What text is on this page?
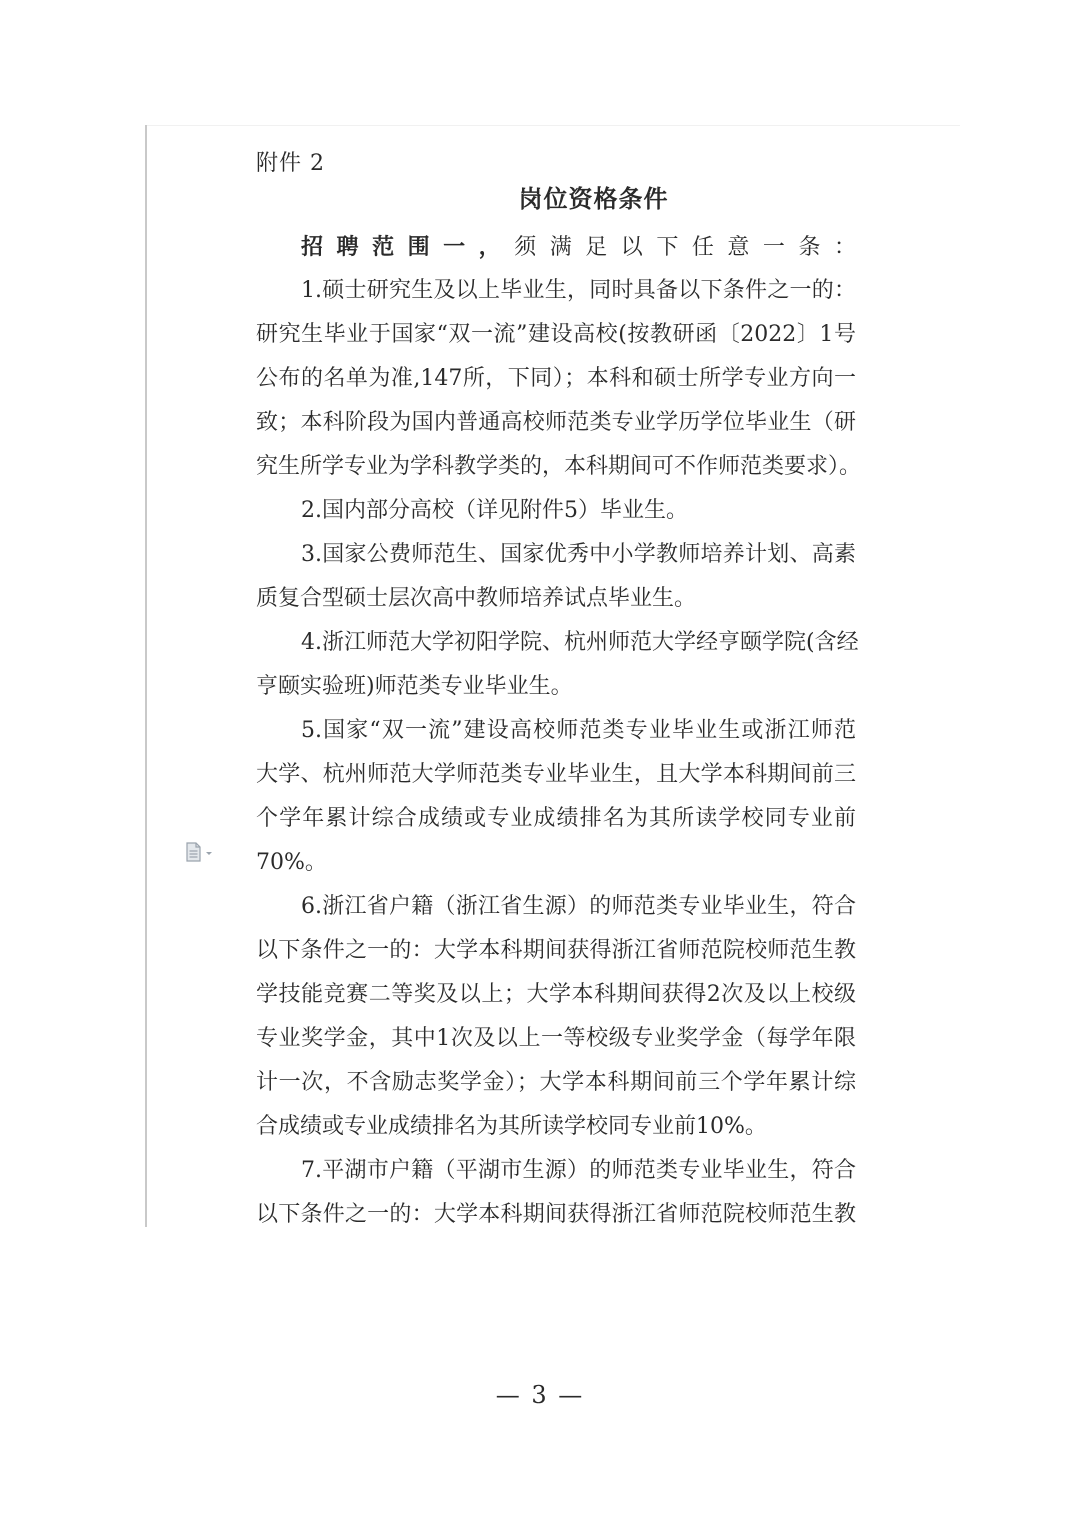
附件 2
岗位资格条件
招聘范围一，须满足以下任意一条：
1.硕士研究生及以上毕业生，同时具备以下条件之一的：
研究生毕业于国家“双一流”建设高校(按教研函〔2022〕1号
公布的名单为准,147所，下同）；本科和硕士所学专业方向一
致；本科阶段为国内普通高校师范类专业学历学位毕业生（研
究生所学专业为学科教学类的，本科期间可不作师范类要求）。
2.国内部分高校（详见附件5）毕业生。
3.国家公费师范生、国家优秀中小学教师培养计划、高素
质复合型硕士层次高中教师培养试点毕业生。
4.浙江师范大学初阳学院、杭州师范大学经亨颐学院(含经
亨颐实验班)师范类专业毕业生。
5.国家“双一流”建设高校师范类专业毕业生或浙江师范
大学、杭州师范大学师范类专业毕业生，且大学本科期间前三
个学年累计综合成绩或专业成绩排名为其所读学校同专业前
70%。
6.浙江省户籍（浙江省生源）的师范类专业毕业生，符合
以下条件之一的：大学本科期间获得浙江省师范院校师范生教
学技能竞赛二等奖及以上；大学本科期间获得2次及以上校级
专业奖学金，其中1次及以上一等校级专业奖学金（每学年限
计一次，不含励志奖学金）；大学本科期间前三个学年累计综
合成绩或专业成绩排名为其所读学校同专业前10%。
7.平湖市户籍（平湖市生源）的师范类专业毕业生，符合
以下条件之一的：大学本科期间获得浙江省师范院校师范生教
— 3 —
